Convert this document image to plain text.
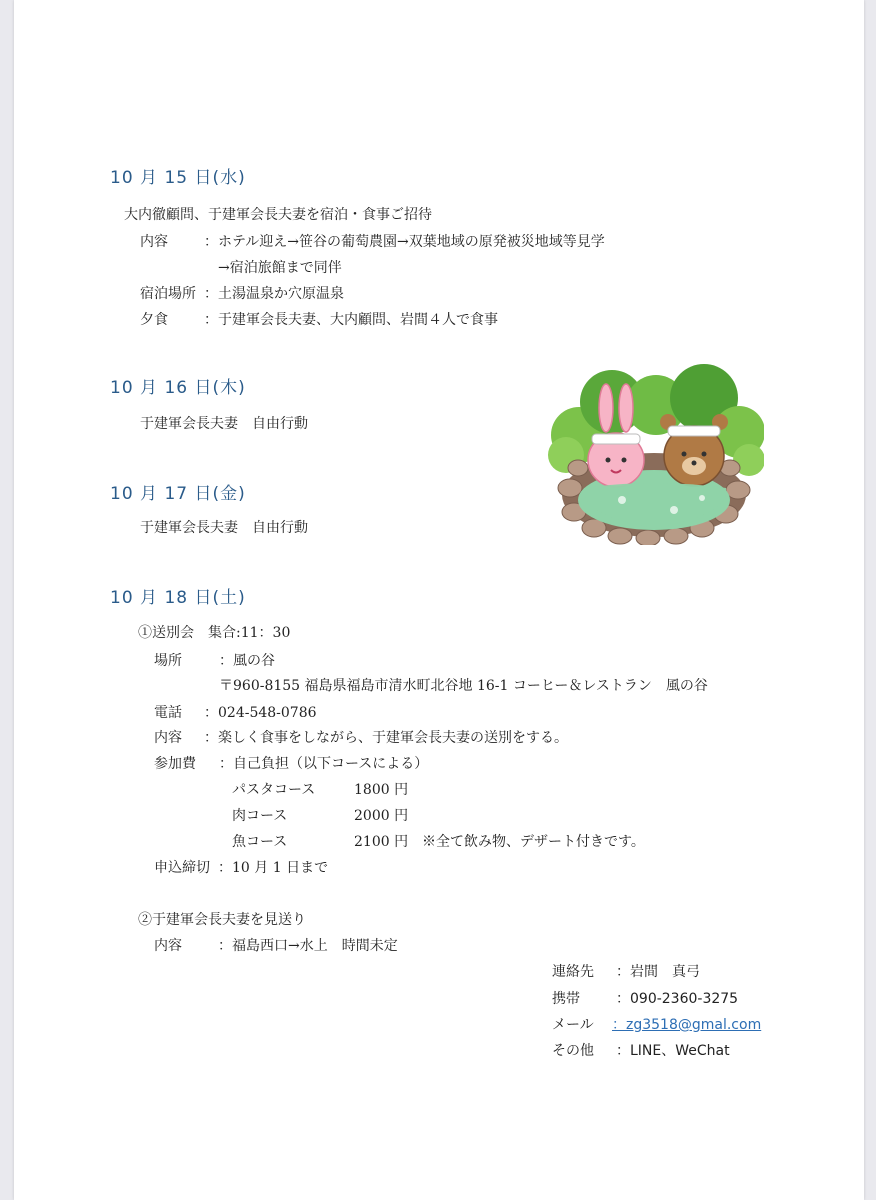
10 月 15 日(水)
大内徹顧問、于建軍会長夫妻を宿泊・食事ご招待
内容	：ホテル迎え→笹谷の葡萄農園→双葉地域の原発被災地域等見学
→宿泊旅館まで同伴
宿泊場所 ：土湯温泉か穴原温泉
夕食	：于建軍会長夫妻、大内顧問、岩間４人で食事
10 月 16 日(木)
于建軍会長夫妻　自由行動
10 月 17 日(金)
于建軍会長夫妻　自由行動
10 月 18 日(土)
①送別会　集合:11：30
場所	：風の谷
〒960-8155 福島県福島市清水町北谷地 16-1 コーヒー＆レストラン　風の谷
電話 ：024-548-0786
内容 ：楽しく食事をしながら、于建軍会長夫妻の送別をする。
参加費 ：自己負担（以下コースによる）
パスタコース	1800 円
肉コース	2000 円
魚コース	2100 円 ※全て飲み物、デザート付きです。
申込締切 ：10 月 1 日まで
②于建軍会長夫妻を見送り
内容	：福島西口→水上　時間未定
連絡先 ：岩間　真弓
携帯	：090-2360-3275
メール ：zg3518@gmal.com
その他 ：LINE、WeChat
